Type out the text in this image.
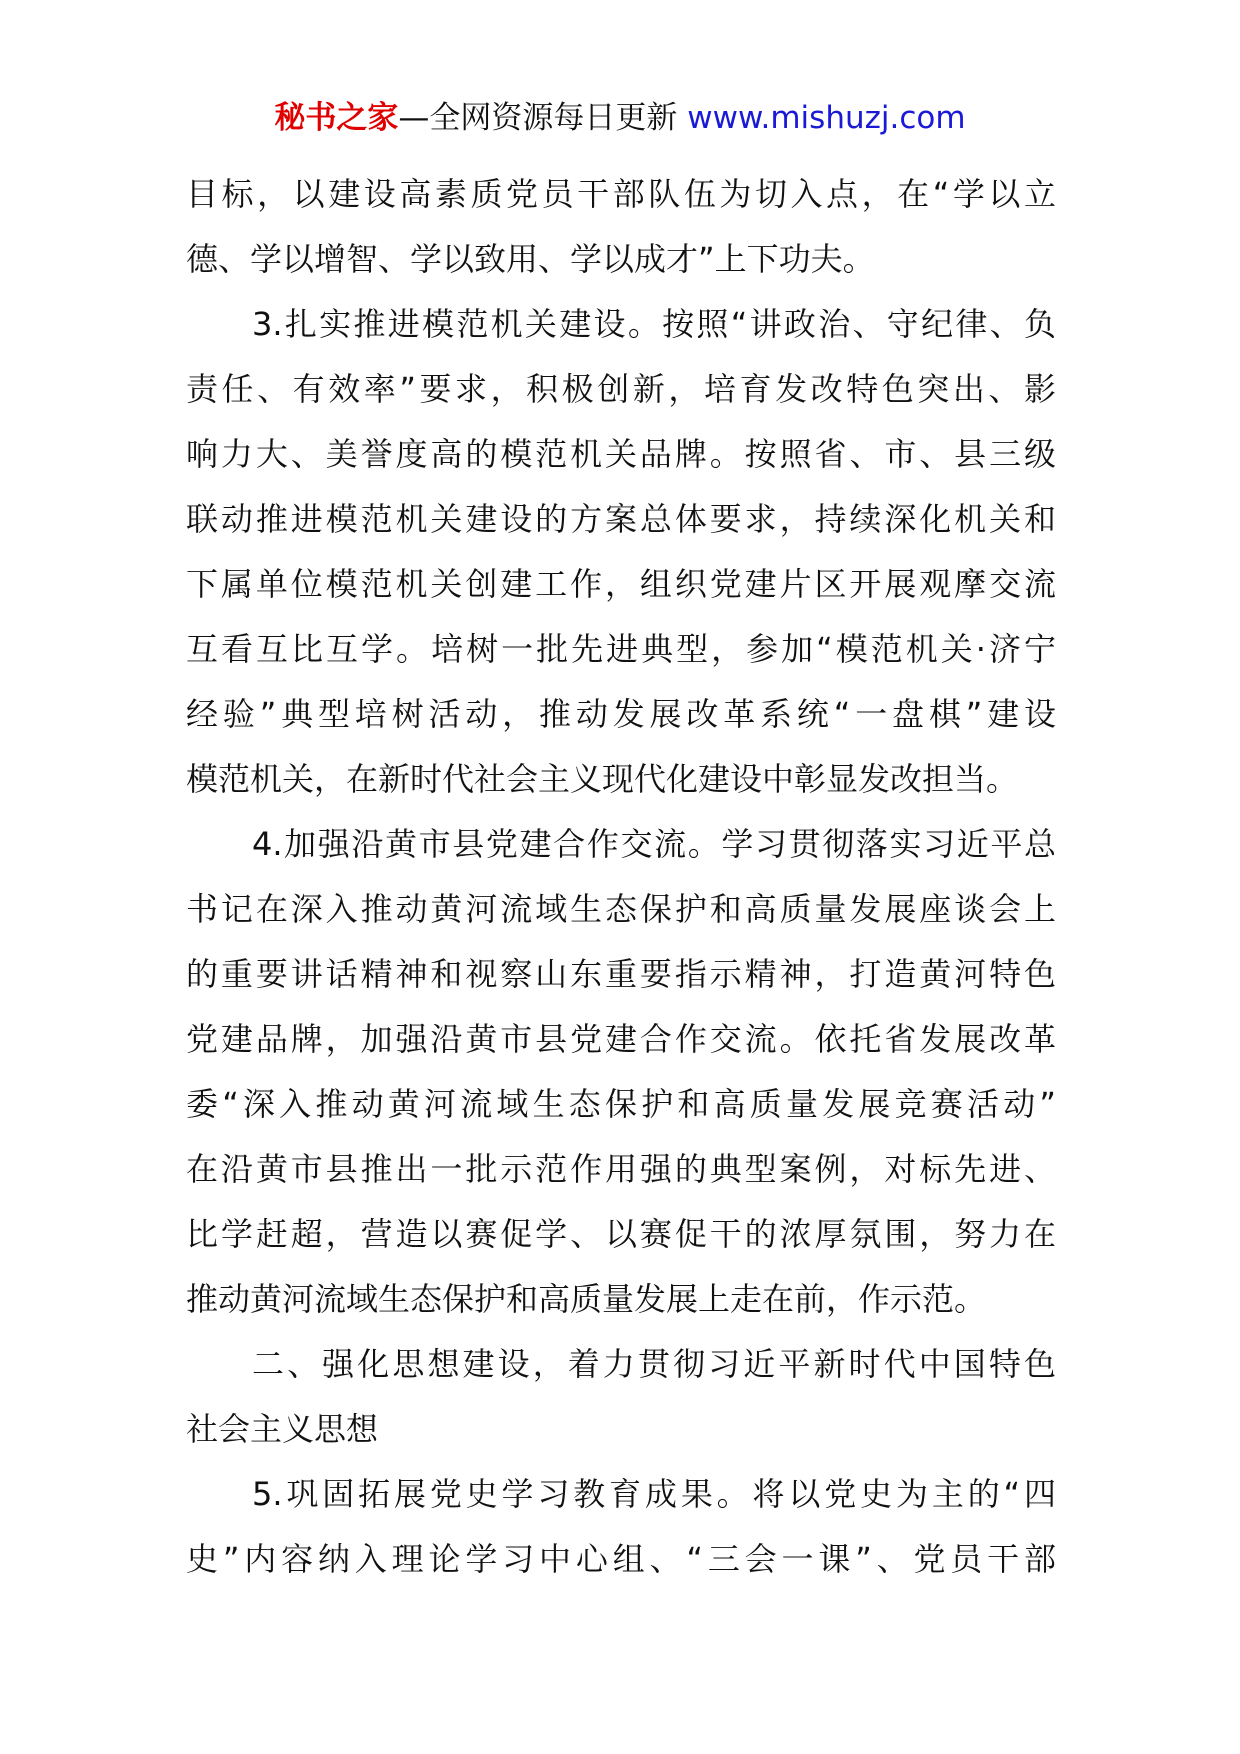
秘书之家—全网资源每日更新 www.mishuzj.com
目标，以建设高素质党员干部队伍为切入点，在“学以立
德、学以增智、学以致用、学以成才”上下功夫。
3.扎实推进模范机关建设。按照“讲政治、守纪律、负
责任、有效率”要求，积极创新，培育发改特色突出、影
响力大、美誉度高的模范机关品牌。按照省、市、县三级
联动推进模范机关建设的方案总体要求，持续深化机关和
下属单位模范机关创建工作，组织党建片区开展观摩交流
互看互比互学。培树一批先进典型，参加“模范机关·济宁
经验”典型培树活动，推动发展改革系统“一盘棋”建设
模范机关，在新时代社会主义现代化建设中彰显发改担当。
4.加强沿黄市县党建合作交流。学习贯彻落实习近平总
书记在深入推动黄河流域生态保护和高质量发展座谈会上
的重要讲话精神和视察山东重要指示精神，打造黄河特色
党建品牌，加强沿黄市县党建合作交流。依托省发展改革
委“深入推动黄河流域生态保护和高质量发展竞赛活动”
在沿黄市县推出一批示范作用强的典型案例，对标先进、
比学赶超，营造以赛促学、以赛促干的浓厚氛围，努力在
推动黄河流域生态保护和高质量发展上走在前，作示范。
二、强化思想建设，着力贯彻习近平新时代中国特色
社会主义思想
5.巩固拓展党史学习教育成果。将以党史为主的“四
史”内容纳入理论学习中心组、“三会一课”、党员干部
